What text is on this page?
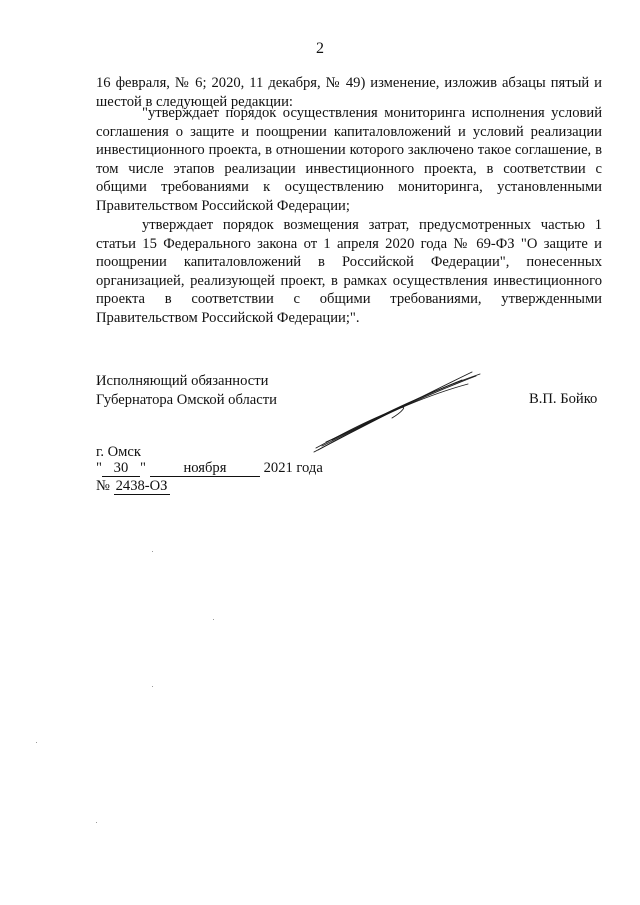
2

16 февраля, № 6; 2020, 11 декабря, № 49) изменение, изложив абзацы пятый и шестой в следующей редакции:

"утверждает порядок осуществления мониторинга исполнения условий соглашения о защите и поощрении капиталовложений и условий реализации инвестиционного проекта, в отношении которого заключено такое соглашение, в том числе этапов реализации инвестиционного проекта, в соответствии с общими требованиями к осуществлению мониторинга, установленными Правительством Российской Федерации;

утверждает порядок возмещения затрат, предусмотренных частью 1 статьи 15 Федерального закона от 1 апреля 2020 года № 69-ФЗ "О защите и поощрении капиталовложений в Российской Федерации", понесенных организацией, реализующей проект, в рамках осуществления инвестиционного проекта в соответствии с общими требованиями, утвержденными Правительством Российской Федерации;".

Исполняющий обязанности
Губернатора Омской области	В.П. Бойко
г. Омск
" 30 "	ноября	2021 года
№ 2438-ОЗ
